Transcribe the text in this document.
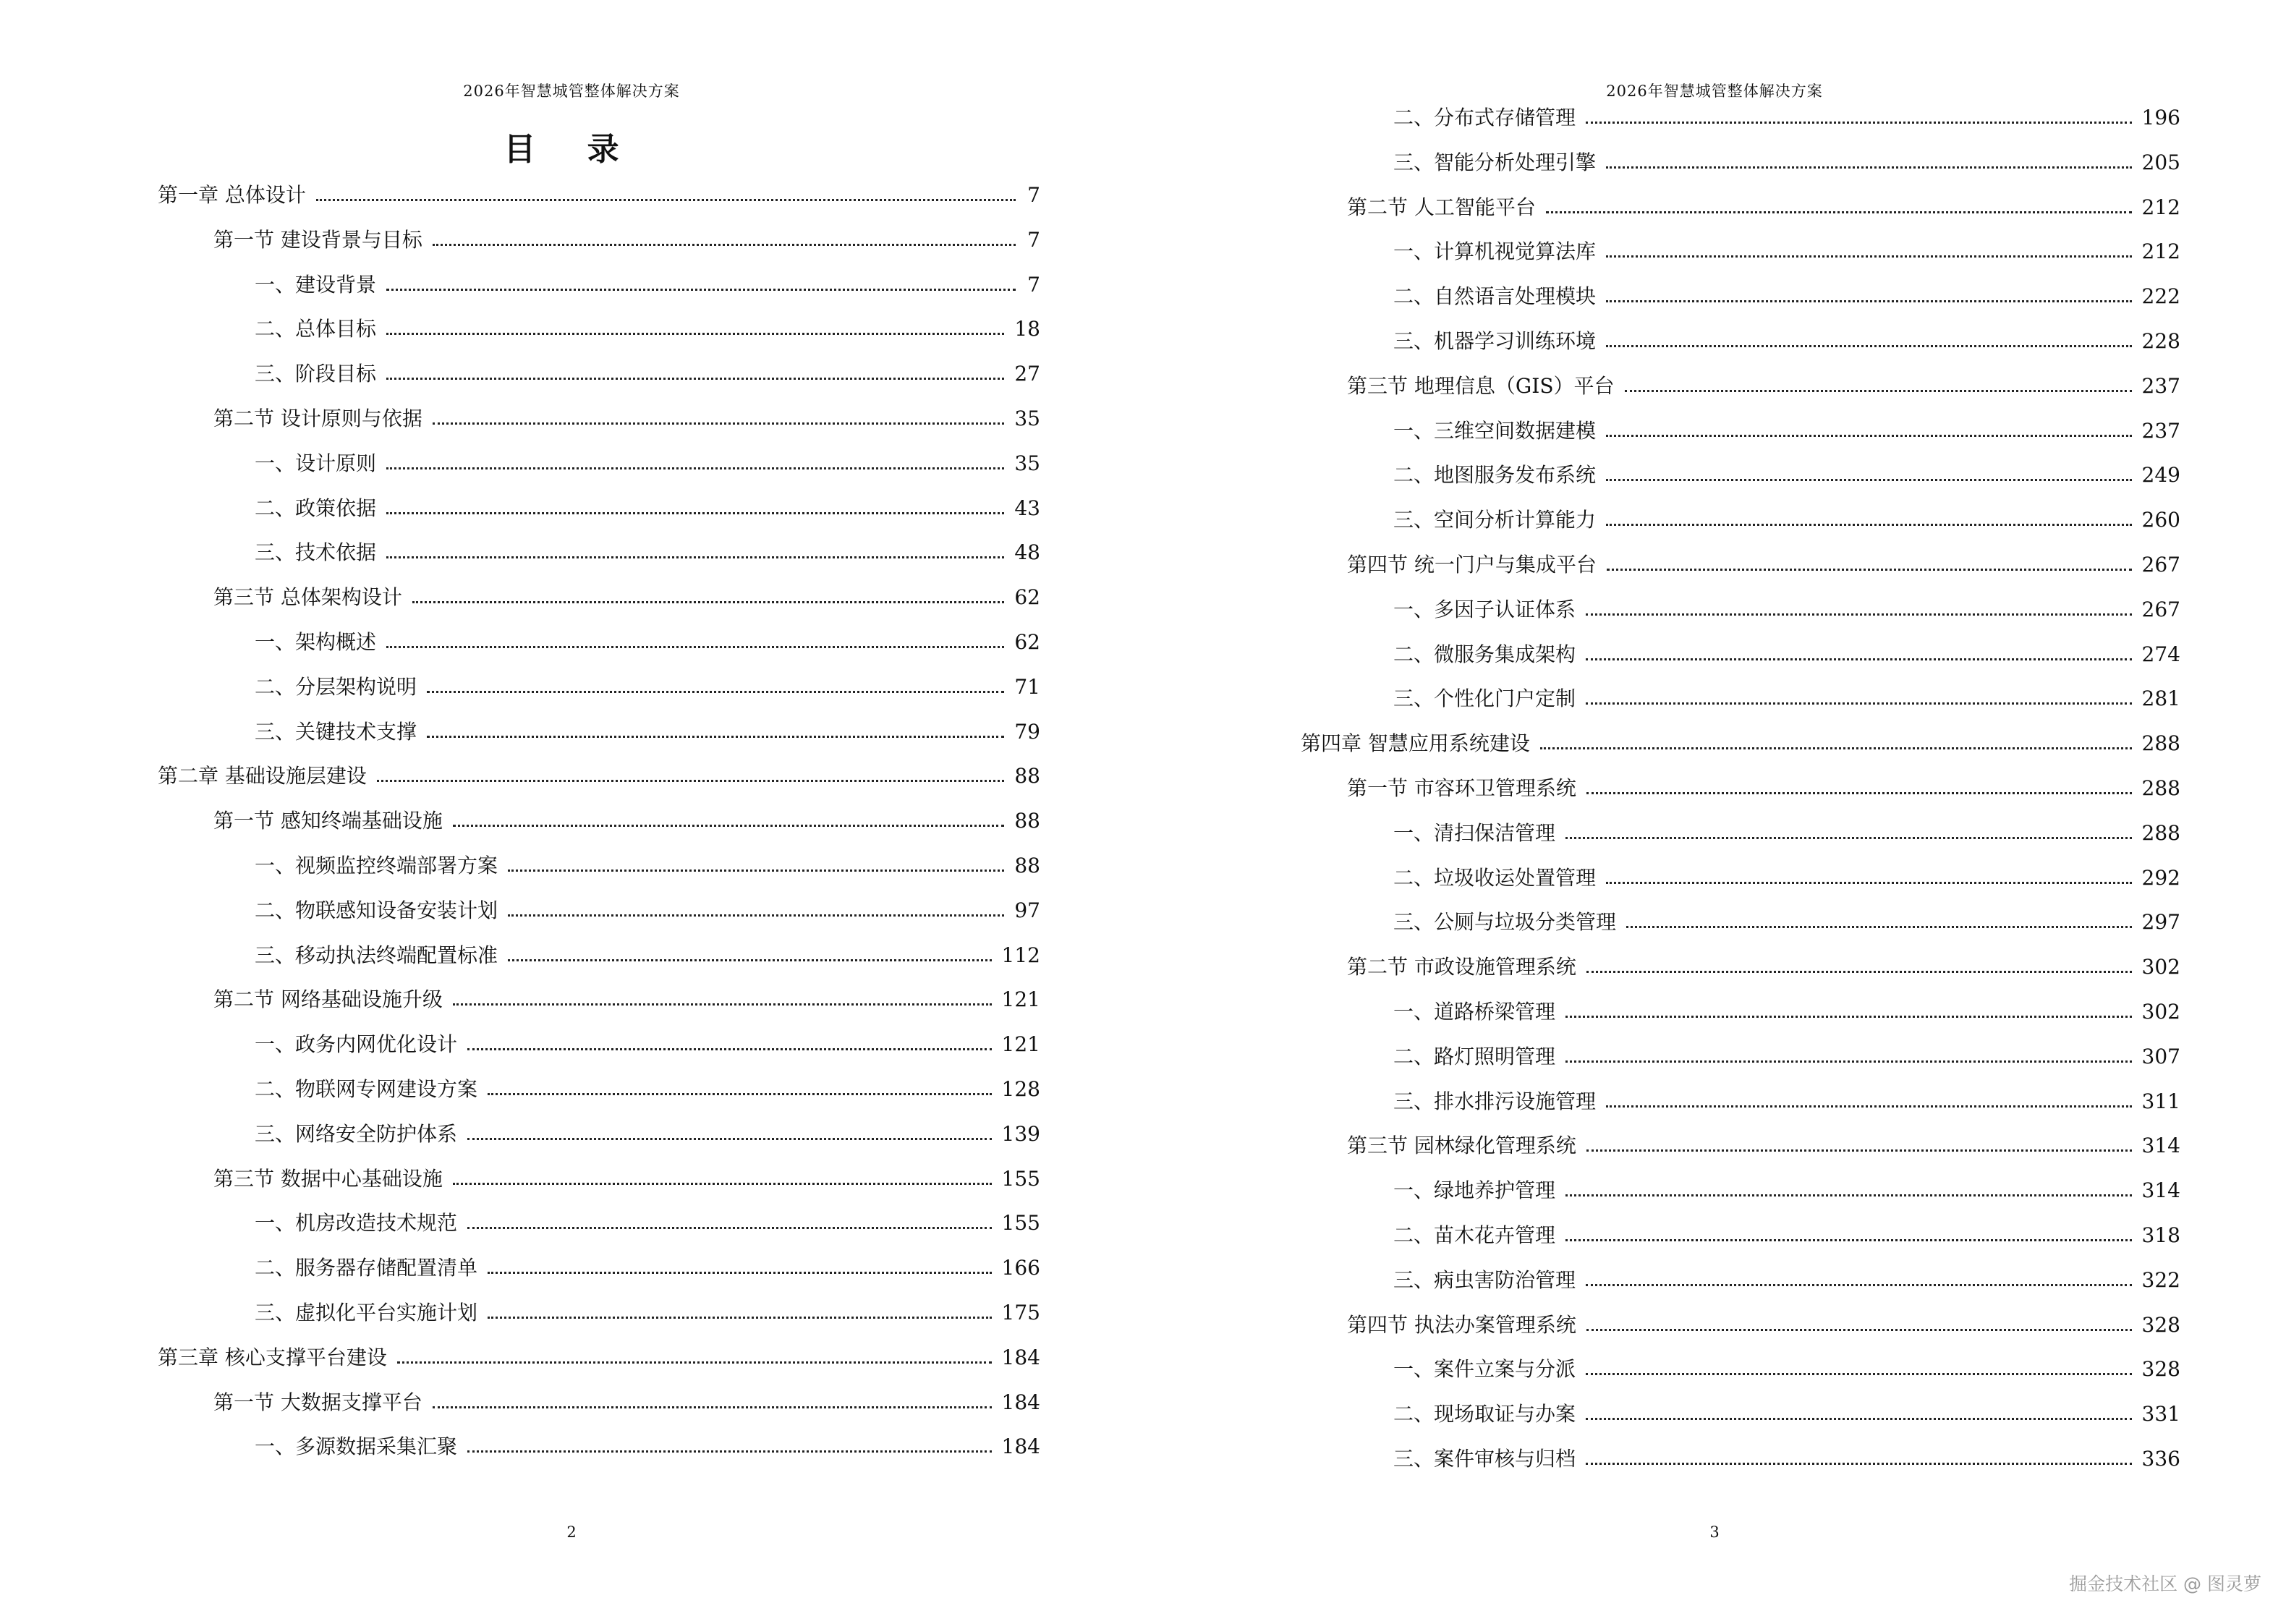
2026年智慧城管整体解决方案
目 录
第一章 总体设计	7
第一节 建设背景与目标	7
一、建设背景	7
二、总体目标	18
三、阶段目标	27
第二节 设计原则与依据	35
一、设计原则	35
二、政策依据	43
三、技术依据	48
第三节 总体架构设计	62
一、架构概述	62
二、分层架构说明	71
三、关键技术支撑	79
第二章 基础设施层建设	88
第一节 感知终端基础设施	88
一、视频监控终端部署方案	88
二、物联感知设备安装计划	97
三、移动执法终端配置标准	112
第二节 网络基础设施升级	121
一、政务内网优化设计	121
二、物联网专网建设方案	128
三、网络安全防护体系	139
第三节 数据中心基础设施	155
一、机房改造技术规范	155
二、服务器存储配置清单	166
三、虚拟化平台实施计划	175
第三章 核心支撑平台建设	184
第一节 大数据支撑平台	184
一、多源数据采集汇聚	184
2
2026年智慧城管整体解决方案
二、分布式存储管理	196
三、智能分析处理引擎	205
第二节 人工智能平台	212
一、计算机视觉算法库	212
二、自然语言处理模块	222
三、机器学习训练环境	228
第三节 地理信息（GIS）平台	237
一、三维空间数据建模	237
二、地图服务发布系统	249
三、空间分析计算能力	260
第四节 统一门户与集成平台	267
一、多因子认证体系	267
二、微服务集成架构	274
三、个性化门户定制	281
第四章 智慧应用系统建设	288
第一节 市容环卫管理系统	288
一、清扫保洁管理	288
二、垃圾收运处置管理	292
三、公厕与垃圾分类管理	297
第二节 市政设施管理系统	302
一、道路桥梁管理	302
二、路灯照明管理	307
三、排水排污设施管理	311
第三节 园林绿化管理系统	314
一、绿地养护管理	314
二、苗木花卉管理	318
三、病虫害防治管理	322
第四节 执法办案管理系统	328
一、案件立案与分派	328
二、现场取证与办案	331
三、案件审核与归档	336
3
掘金技术社区 @ 图灵萝
